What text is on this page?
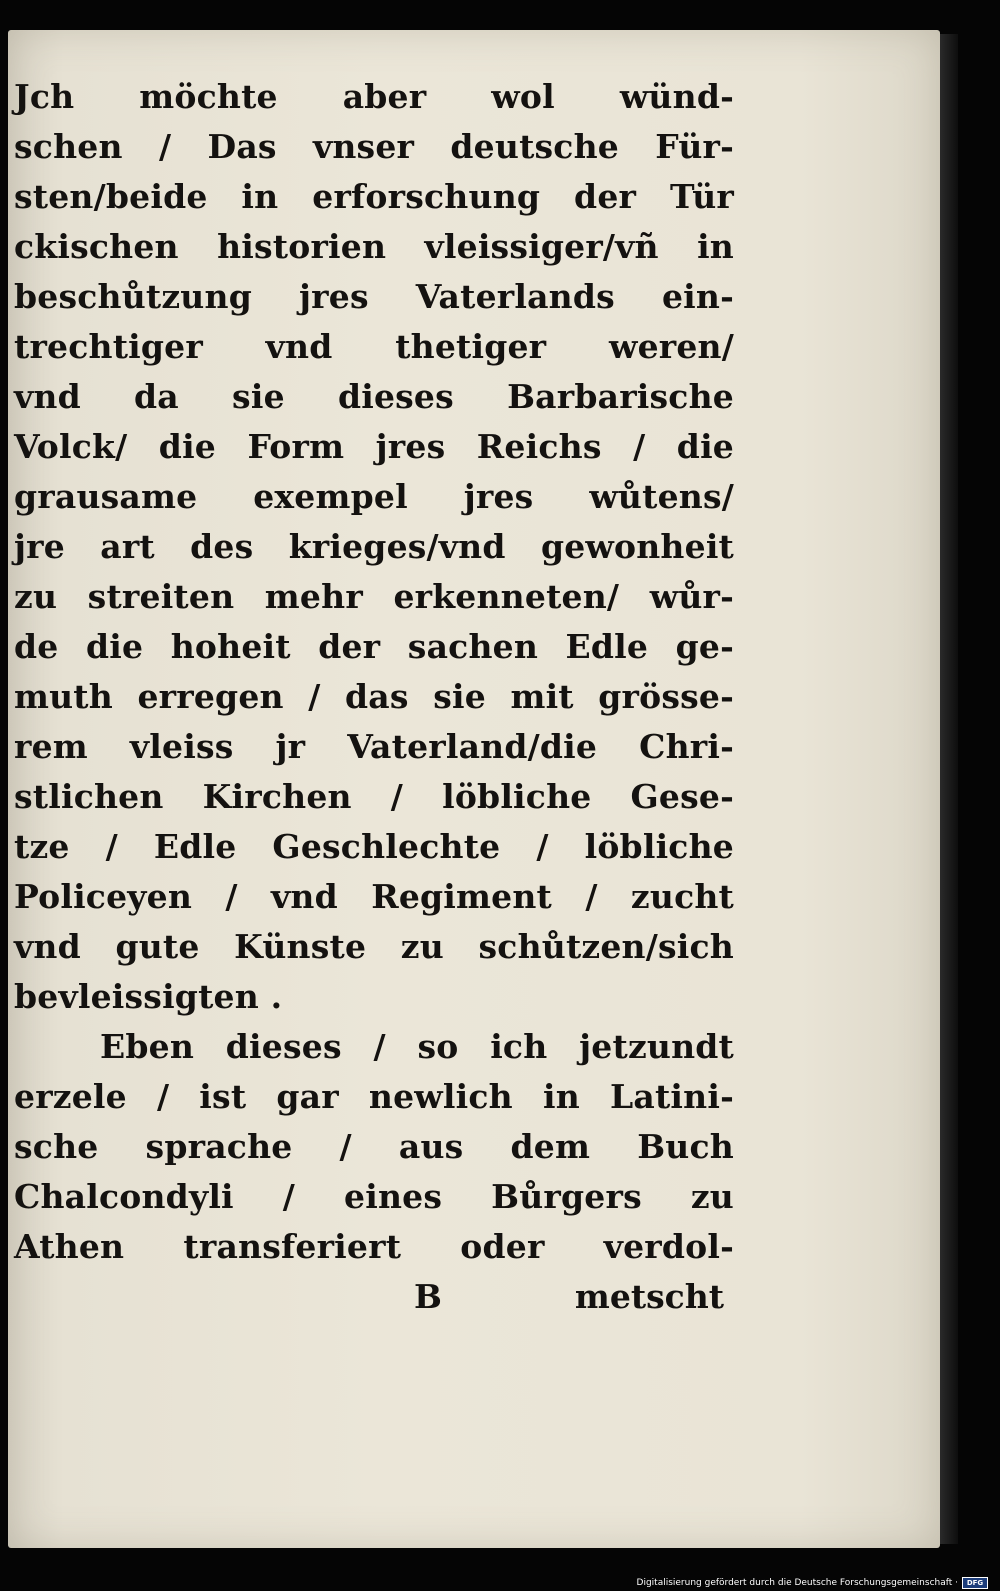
Jch möchte aber wol wünd-
schen / Das vnser deutsche Für-
sten/beide in erforschung der Tür
ckischen historien vleissiger/vñ in
beschůtzung jres Vaterlands ein-
trechtiger vnd thetiger weren/
vnd da sie dieses Barbarische
Volck/ die Form jres Reichs / die
grausame exempel jres wůtens/
jre art des krieges/vnd gewonheit
zu streiten mehr erkenneten/ wůr-
de die hoheit der sachen Edle ge-
muth erregen / das sie mit grösse-
rem vleiss jr Vaterland/die Chri-
stlichen Kirchen / löbliche Gese-
tze / Edle Geschlechte / löbliche
Policeyen / vnd Regiment / zucht
vnd gute Künste zu schůtzen/sich
bevleissigten .
Eben dieses / so ich jetzundt
erzele / ist gar newlich in Latini-
sche sprache / aus dem Buch
Chalcondyli / eines Bůrgers zu
Athen transferiert oder verdol-
B	metscht
Digitalisierung gefördert durch die Deutsche Forschungsgemeinschaft ·	DFG
